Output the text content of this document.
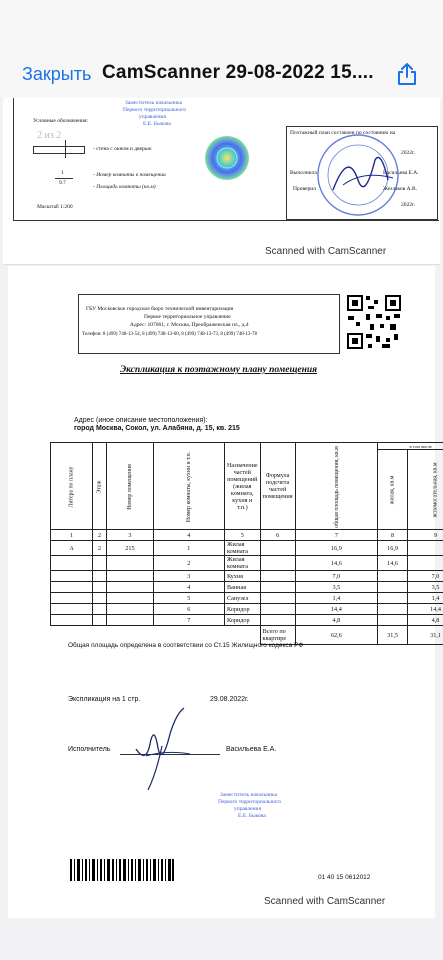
Закрыть CamScanner 29-08-2022 15....
Условные обозначения:
2 из 2
- стена с окном и дверью
1
9.7
- Номер комнаты в помещении
- Площадь комнаты (кв.м)
Масштаб 1:200
Заместитель начальника
Первого территориального
управления
Е.Е. Быкова
Поэтажный план составлен по состоянию на
2022г.
Выполнила	Васильева Е.А.
Проверил	Жезлаков А.В.
2022г.
Scanned with CamScanner
ГБУ Московское городское бюро технической инвентаризации
Первое территориальное управление
Адрес: 107061, г. Москва, Преображенская пл., д.4
Телефон: 8 (499) 748-13-54, 8 (499) 748-13-60, 8 (499) 748-13-73, 8 (499) 748-13-78
Экспликация к поэтажному плану помещения
Адрес (иное описание местоположения):
город Москва, Сокол, ул. Алабяна, д. 15, кв. 215
Литера по плану	Этаж	Номер помещения	Номер комнаты, кухни и т.п.	Назначение частей помещений (жилая комната, кухня и т.п.)	Формула подсчета частей помещения	общая площадь помещения, кв.м	в том числе			
							жилая, кв.м	вспомогательная, кв.м			
1	2	3	4	5	6	7	8	9			
А	2	215	1	Жилая комната		16,9	16,9				
			2	Жилая комната		14,6	14,6				
			3	Кухня		7,0		7,0			
			4	Ванная		3,5		3,5			
			5	Санузел		1,4		1,4			
			6	Коридор		14,4		14,4			
			7	Коридор		4,8		4,8			
					Всего по квартире	62,6	31,5	31,1			
Общая площадь определена в соответствии со Ст.15 Жилищного кодекса РФ
Экспликация на 1 стр.	29.08.2022г.
Исполнитель	Васильева Е.А.
Заместитель начальника
Первого территориального
управления
Е.Е. Быкова
01 40 15 0612012
Scanned with CamScanner
